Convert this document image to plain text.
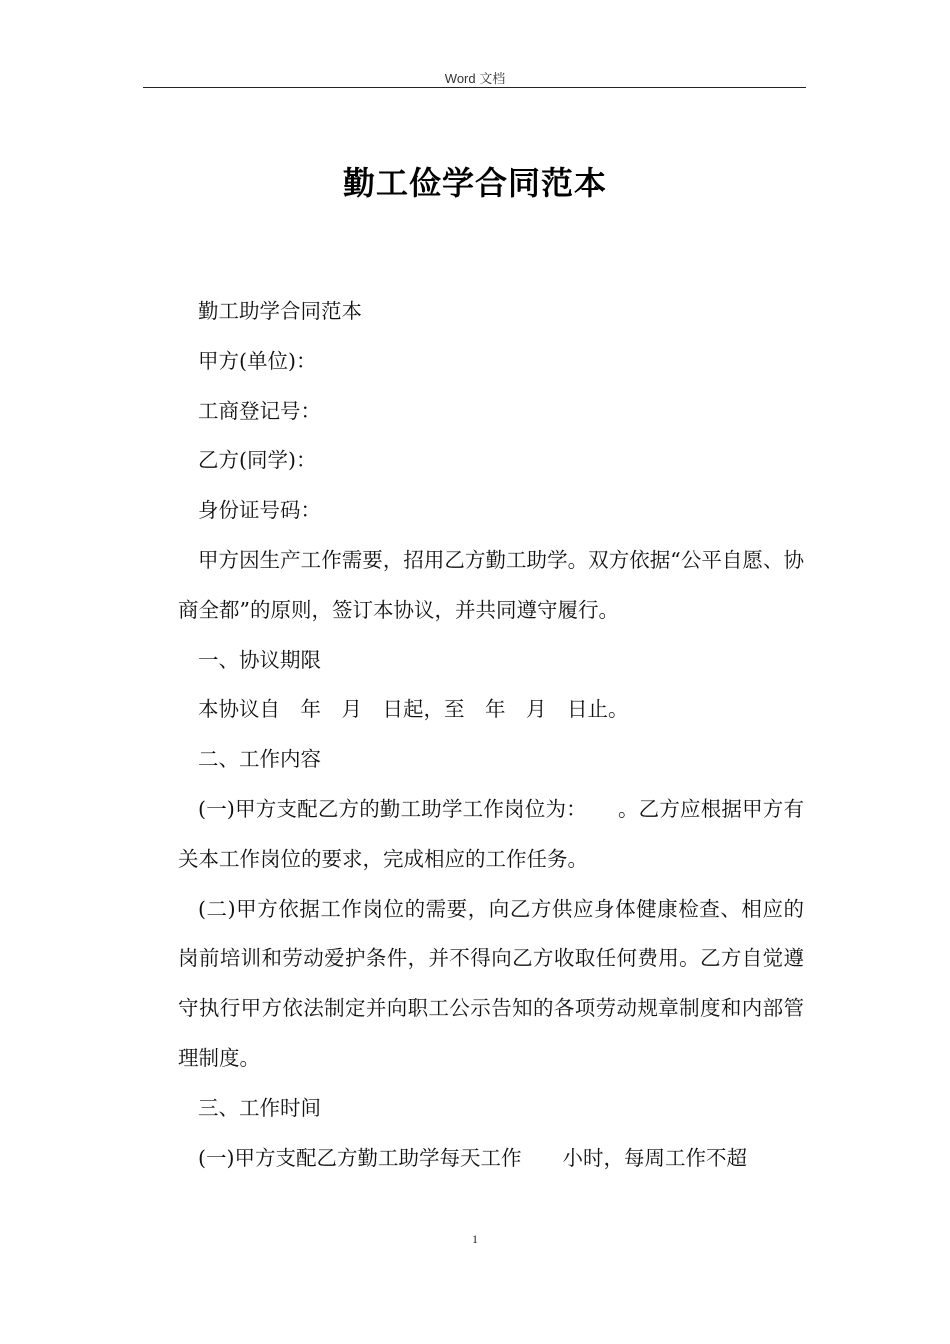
Word 文档
勤工俭学合同范本

勤工助学合同范本

甲方(单位)：

工商登记号：

乙方(同学)：

身份证号码：

甲方因生产工作需要，招用乙方勤工助学。双方依据“公平自愿、协商全都”的原则，签订本协议，并共同遵守履行。

一、协议期限

本协议自　年　月　日起，至　年　月　日止。

二、工作内容

(一)甲方支配乙方的勤工助学工作岗位为：　　。乙方应根据甲方有关本工作岗位的要求，完成相应的工作任务。

(二)甲方依据工作岗位的需要，向乙方供应身体健康检查、相应的岗前培训和劳动爱护条件，并不得向乙方收取任何费用。乙方自觉遵守执行甲方依法制定并向职工公示告知的各项劳动规章制度和内部管理制度。

三、工作时间

(一)甲方支配乙方勤工助学每天工作　　小时，每周工作不超

1
